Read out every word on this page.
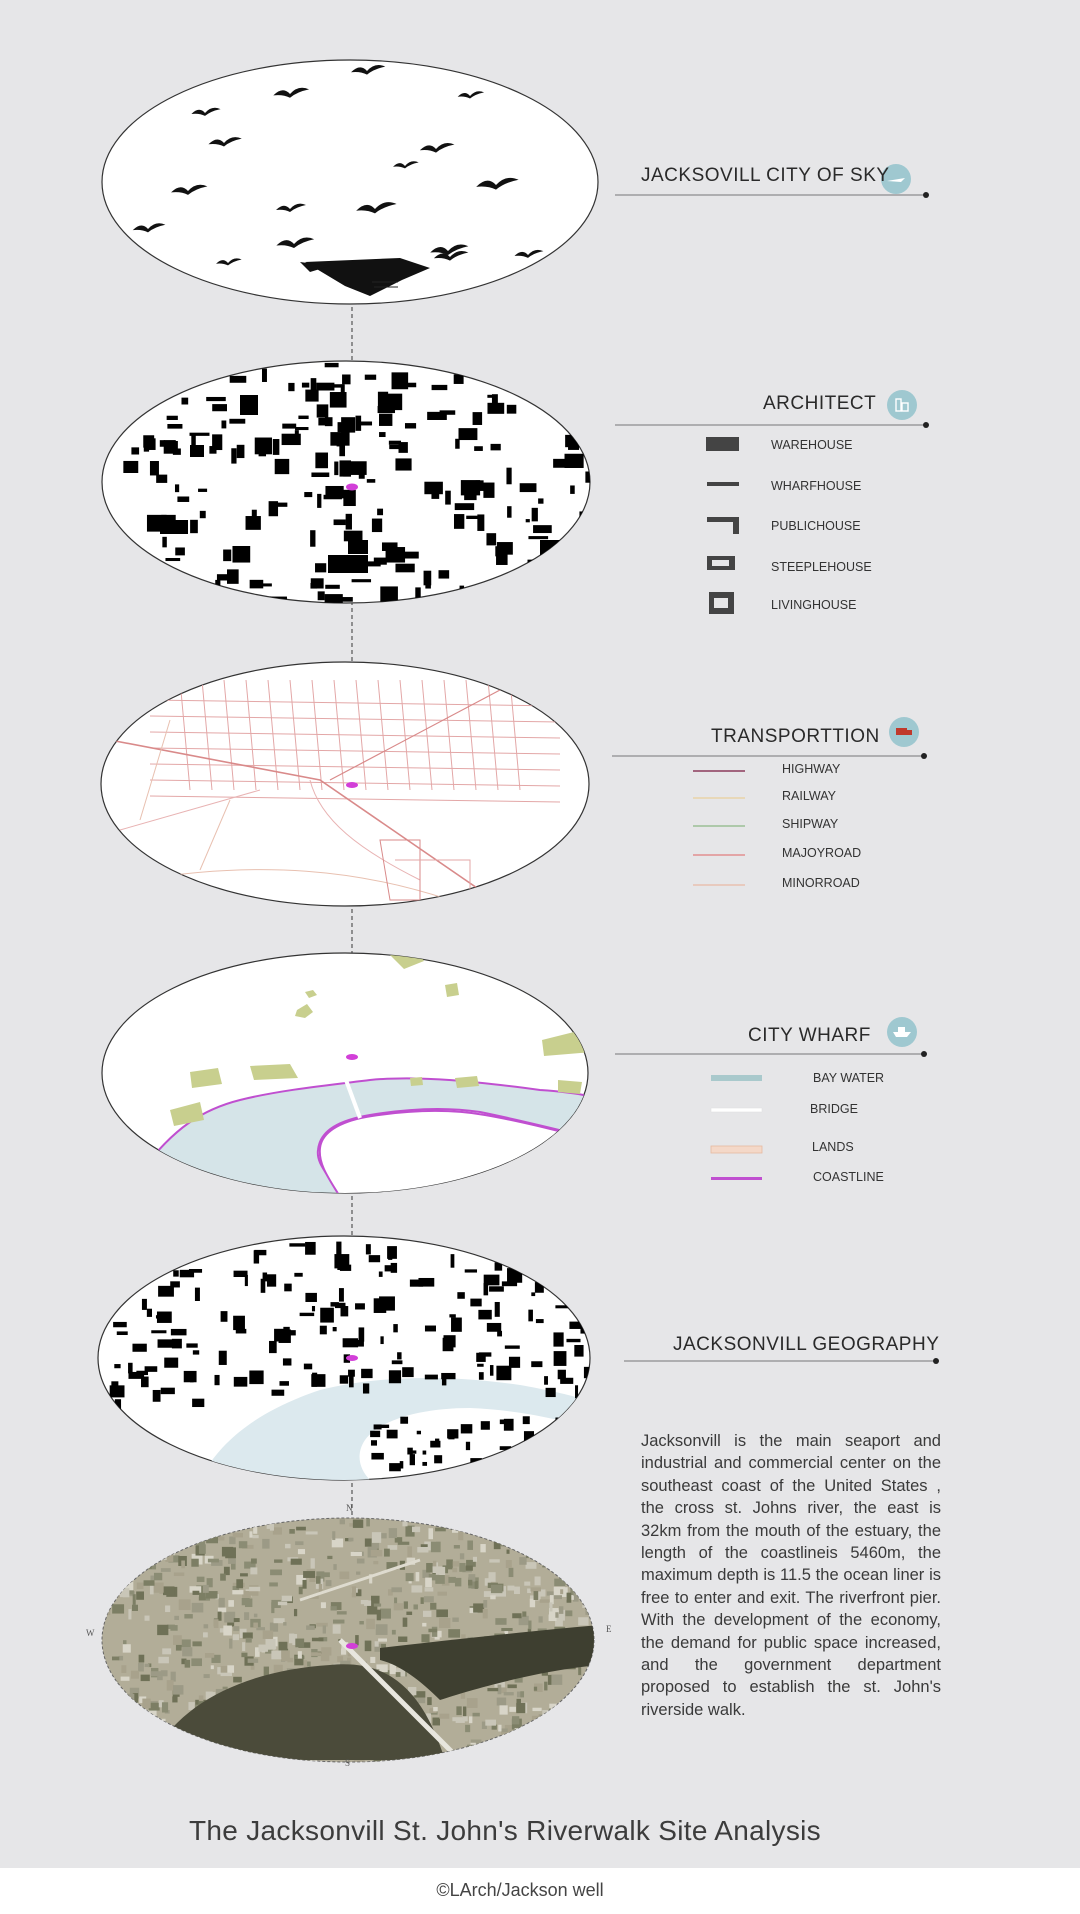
JACKSOVILL CITY OF SKY
ARCHITECT
TRANSPORTTION
CITY WHARF
JACKSONVILL GEOGRAPHY
WAREHOUSE
WHARFHOUSE
PUBLICHOUSE
STEEPLEHOUSE
LIVINGHOUSE
HIGHWAY
RAILWAY
SHIPWAY
MAJOYROAD
MINORROAD
BAY WATER
BRIDGE
LANDS
COASTLINE
Jacksonvill is the main seaport and industrial and commercial center on the southeast coast of the United States , the cross st. Johns river, the east is 32km from the mouth of the estuary, the length of the coastlineis 5460m, the maximum depth is 11.5 the ocean liner is free to enter and exit. The riverfront pier. With the development of the economy, the demand for public space increased, and the government department proposed to establish the st. John's riverside walk.
N
S
W	E
The Jacksonvill St. John's Riverwalk Site Analysis
©LArch/Jackson well
